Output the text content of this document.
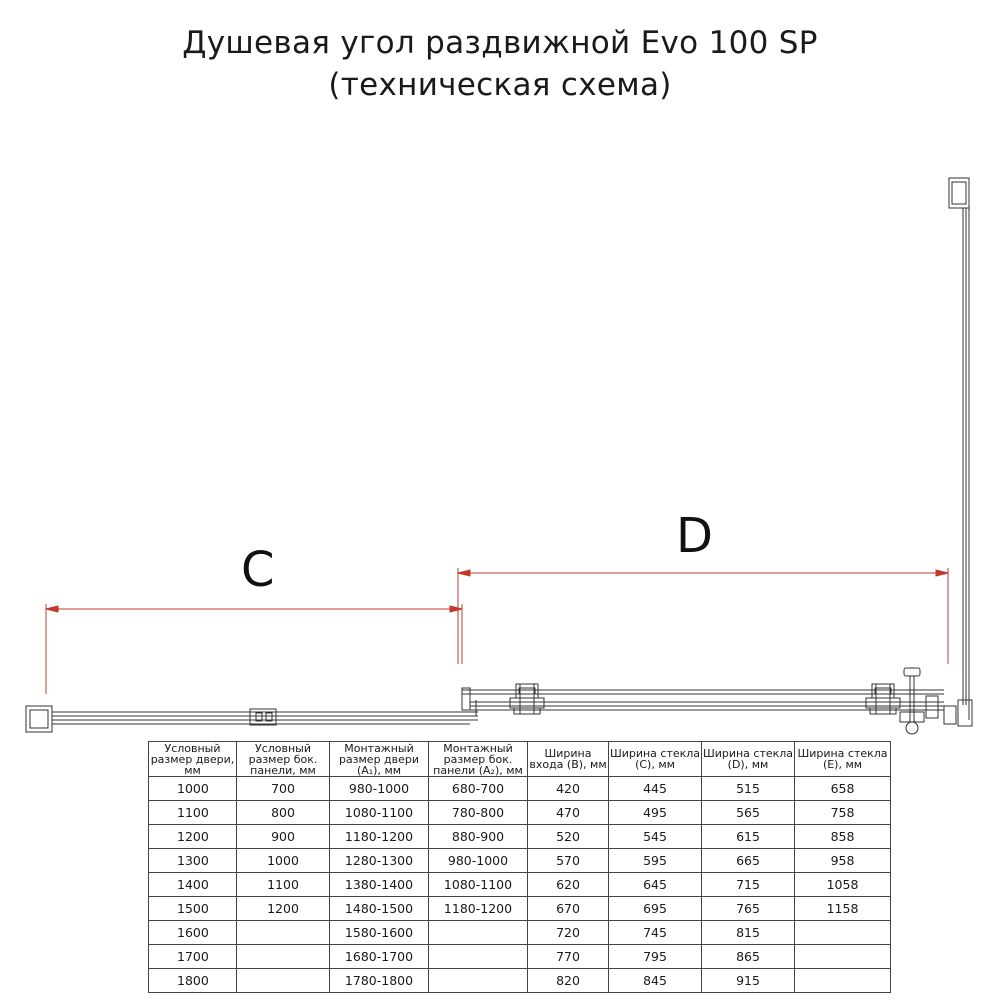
Душевая угол раздвижной Evo 100 SP
(техническая схема)
C
D
Условный размер двери, мм	Условный размер бок. панели, мм	Монтажный размер двери (A₁), мм	Монтажный размер бок. панели (A₂), мм	Ширина входа (B), мм	Ширина стекла (C), мм	Ширина стекла (D), мм	Ширина стекла (E), мм
1000	700	980-1000	680-700	420	445	515	658
1100	800	1080-1100	780-800	470	495	565	758
1200	900	1180-1200	880-900	520	545	615	858
1300	1000	1280-1300	980-1000	570	595	665	958
1400	1100	1380-1400	1080-1100	620	645	715	1058
1500	1200	1480-1500	1180-1200	670	695	765	1158
1600		1580-1600		720	745	815	
1700		1680-1700		770	795	865	
1800		1780-1800		820	845	915	
